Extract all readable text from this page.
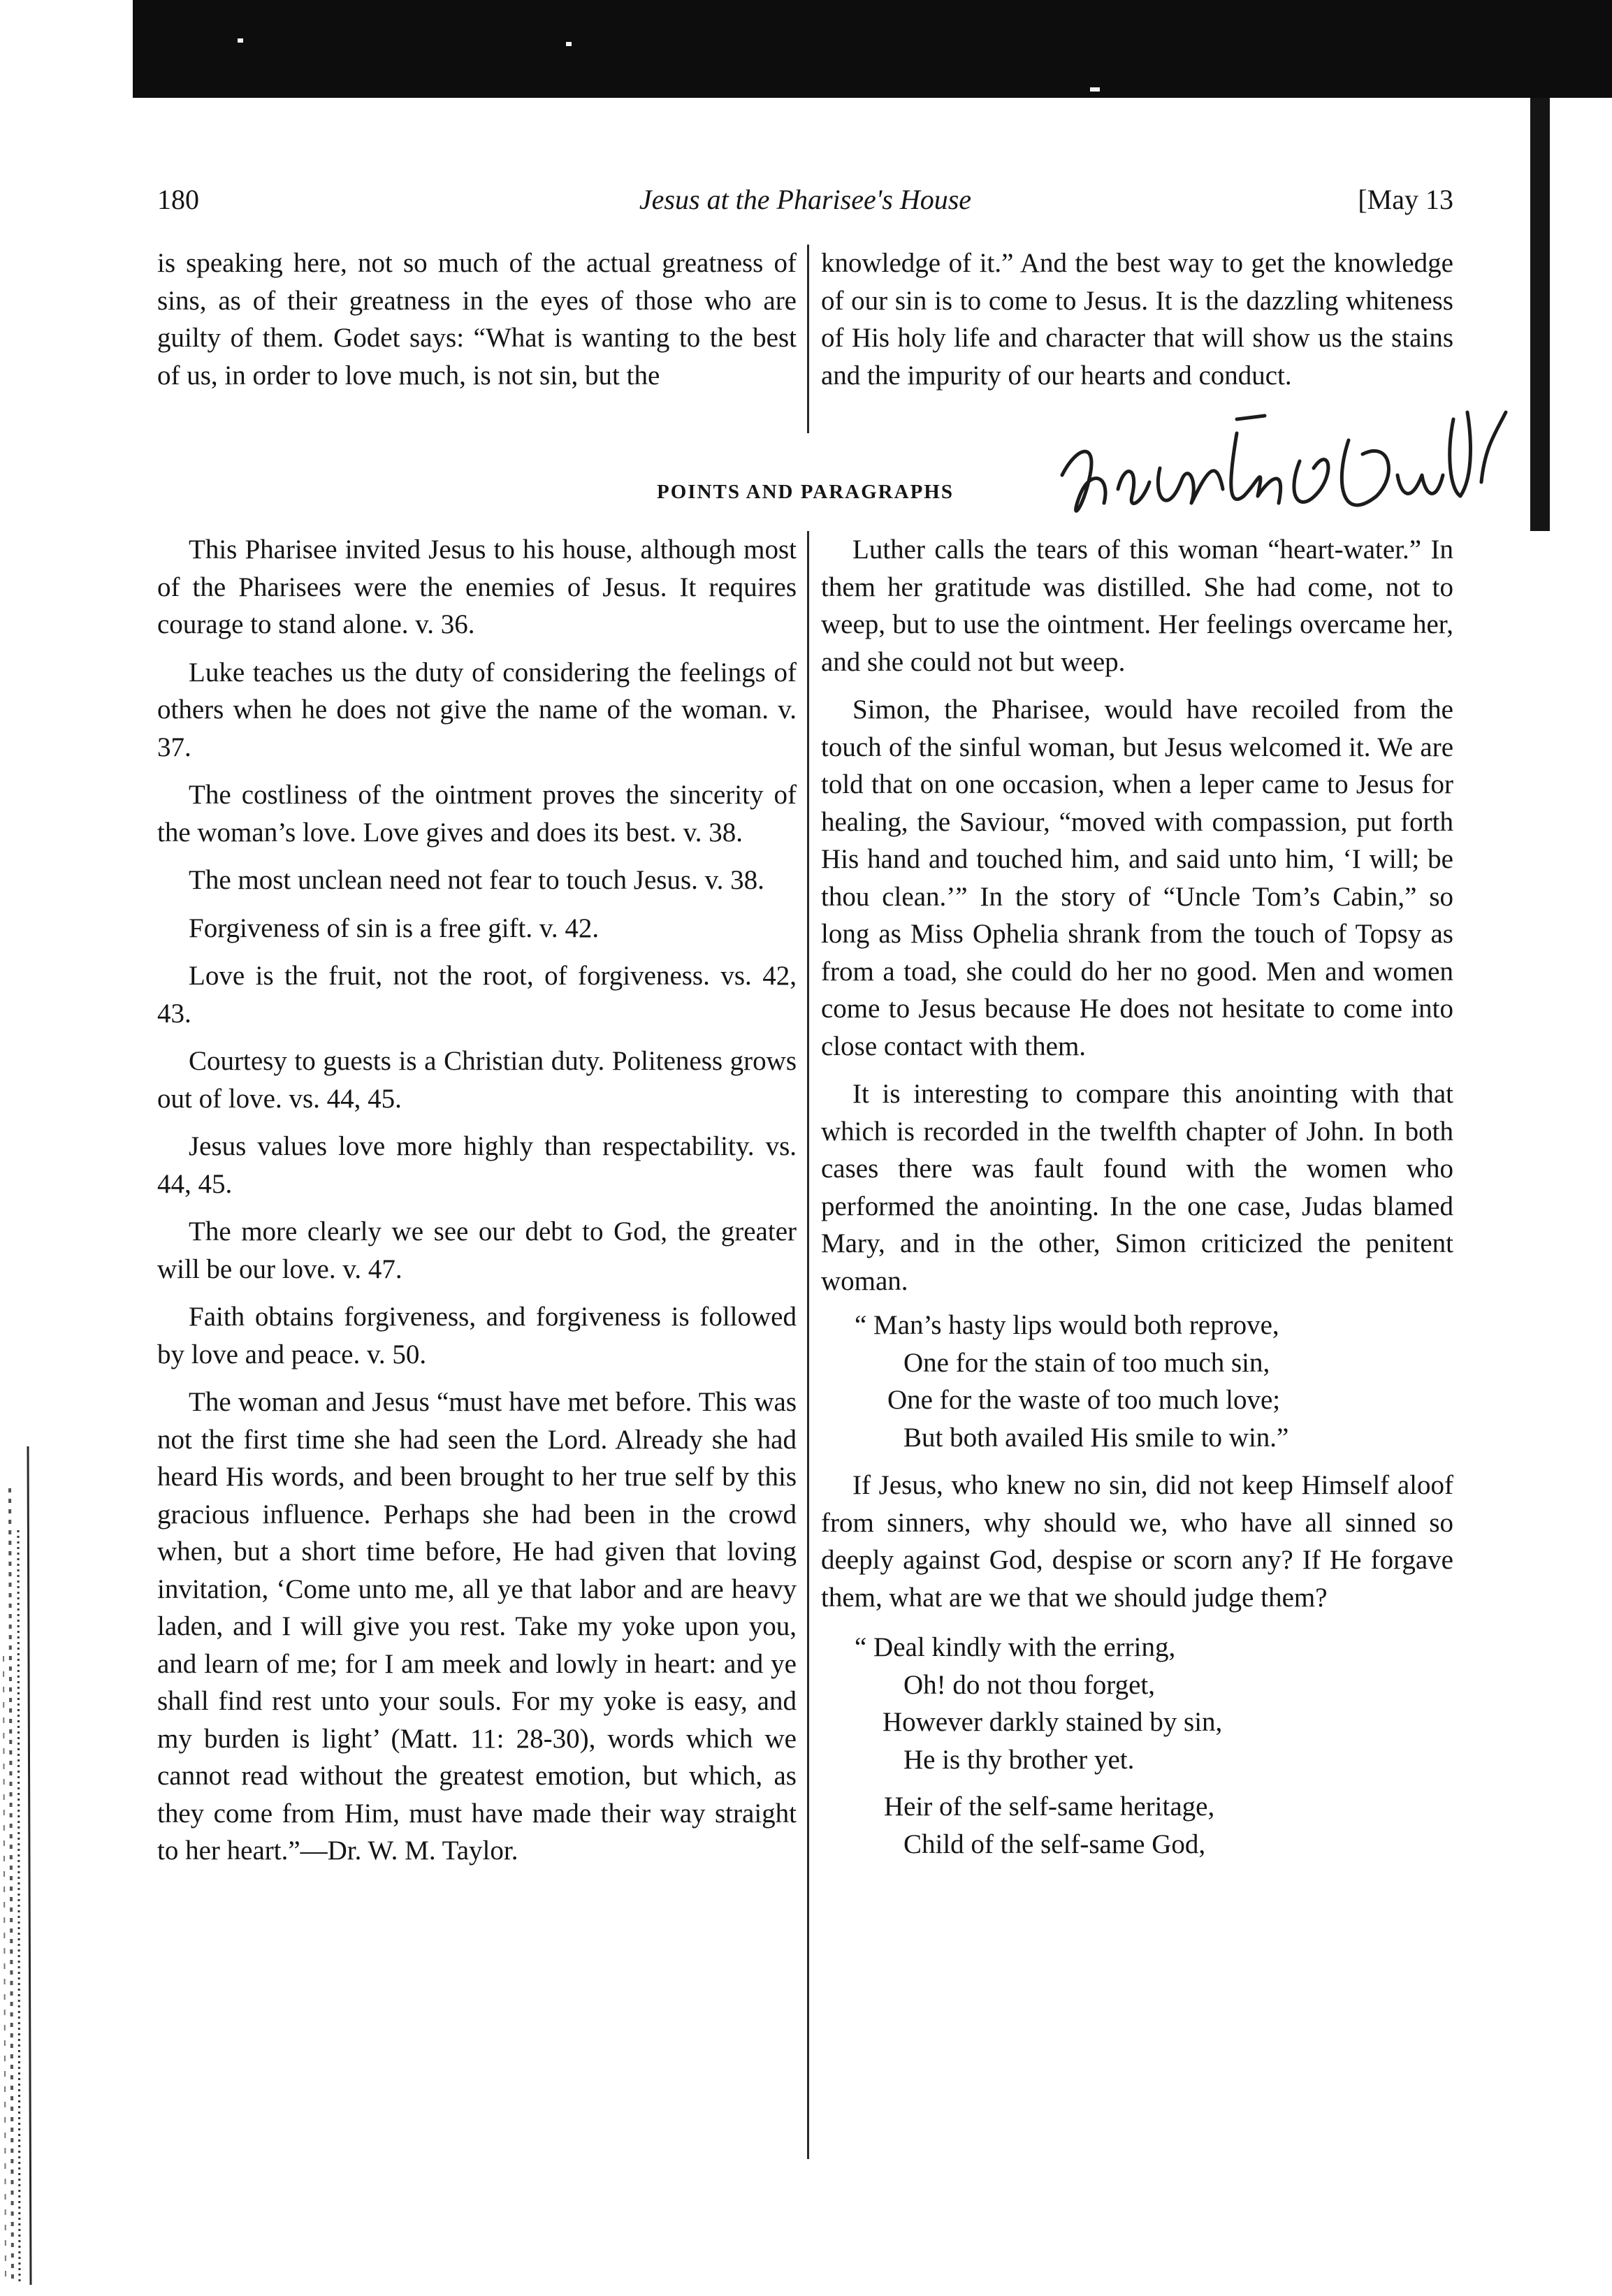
180	Jesus at the Pharisee's House	[May 13

is speaking here, not so much of the actual greatness of sins, as of their greatness in the eyes of those who are guilty of them. Godet says: “What is wanting to the best of us, in order to love much, is not sin, but the

knowledge of it.” And the best way to get the knowledge of our sin is to come to Jesus. It is the dazzling whiteness of His holy life and character that will show us the stains and the impurity of our hearts and conduct.

POINTS AND PARAGRAPHS

This Pharisee invited Jesus to his house, although most of the Pharisees were the enemies of Jesus. It requires courage to stand alone. v. 36.

Luke teaches us the duty of considering the feelings of others when he does not give the name of the woman. v. 37.

The costliness of the ointment proves the sincerity of the woman’s love. Love gives and does its best. v. 38.

The most unclean need not fear to touch Jesus. v. 38.

Forgiveness of sin is a free gift. v. 42.

Love is the fruit, not the root, of forgiveness. vs. 42, 43.

Courtesy to guests is a Christian duty. Politeness grows out of love. vs. 44, 45.

Jesus values love more highly than respectability. vs. 44, 45.

The more clearly we see our debt to God, the greater will be our love. v. 47.

Faith obtains forgiveness, and forgiveness is followed by love and peace. v. 50.

The woman and Jesus “must have met before. This was not the first time she had seen the Lord. Already she had heard His words, and been brought to her true self by this gracious influence. Perhaps she had been in the crowd when, but a short time before, He had given that loving invitation, ‘Come unto me, all ye that labor and are heavy laden, and I will give you rest. Take my yoke upon you, and learn of me; for I am meek and lowly in heart: and ye shall find rest unto your souls. For my yoke is easy, and my burden is light’ (Matt. 11: 28-30), words which we cannot read without the greatest emotion, but which, as they come from Him, must have made their way straight to her heart.”—Dr. W. M. Taylor.

Luther calls the tears of this woman “heart-water.” In them her gratitude was distilled. She had come, not to weep, but to use the ointment. Her feelings overcame her, and she could not but weep.

Simon, the Pharisee, would have recoiled from the touch of the sinful woman, but Jesus welcomed it. We are told that on one occasion, when a leper came to Jesus for healing, the Saviour, “moved with compassion, put forth His hand and touched him, and said unto him, ‘I will; be thou clean.’” In the story of “Uncle Tom’s Cabin,” so long as Miss Ophelia shrank from the touch of Topsy as from a toad, she could do her no good. Men and women come to Jesus because He does not hesitate to come into close contact with them.

It is interesting to compare this anointing with that which is recorded in the twelfth chapter of John. In both cases there was fault found with the women who performed the anointing. In the one case, Judas blamed Mary, and in the other, Simon criticized the penitent woman.

“ Man’s hasty lips would both reprove,
One for the stain of too much sin,
One for the waste of too much love;
But both availed His smile to win.”

If Jesus, who knew no sin, did not keep Himself aloof from sinners, why should we, who have all sinned so deeply against God, despise or scorn any? If He forgave them, what are we that we should judge them?

“ Deal kindly with the erring,
Oh! do not thou forget,
However darkly stained by sin,
He is thy brother yet.
Heir of the self-same heritage,
Child of the self-same God,
